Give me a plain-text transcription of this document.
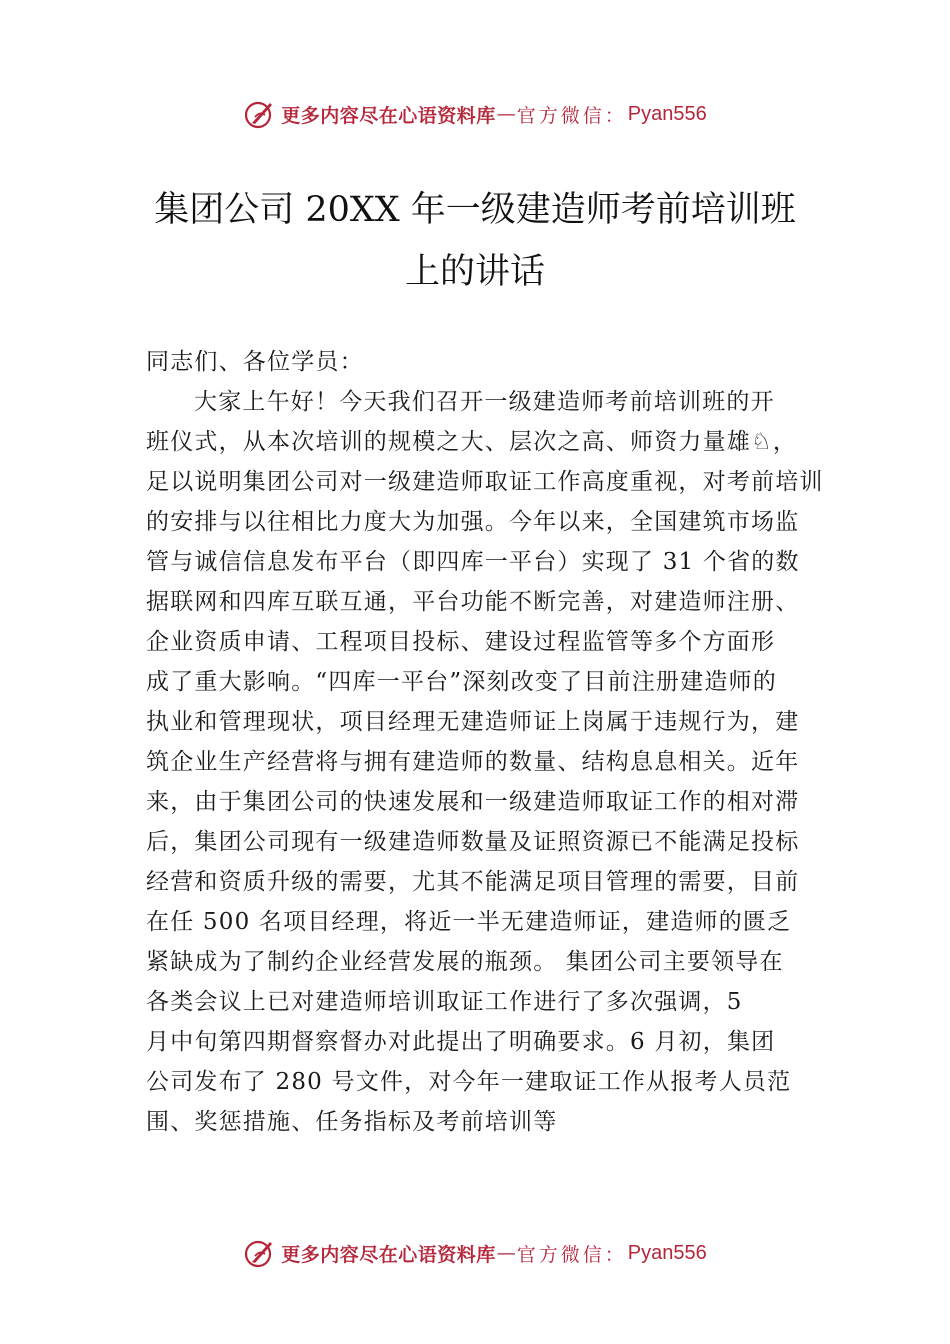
更多内容尽在心语资料库 — 官方微信 ： Pyan556
集团公司 20XX 年一级建造师考前培训班
上的讲话
同志们、各位学员：
大家上午好！今天我们召开一级建造师考前培训班的开
班仪式，从本次培训的规模之大、层次之高、师资力量雄♘，
足以说明集团公司对一级建造师取证工作高度重视，对考前培训
的安排与以往相比力度大为加强。今年以来，全国建筑市场监
管与诚信信息发布平台（即四库一平台）实现了 31 个省的数
据联网和四库互联互通，平台功能不断完善，对建造师注册、
企业资质申请、工程项目投标、建设过程监管等多个方面形
成了重大影响。“四库一平台”深刻改变了目前注册建造师的
执业和管理现状，项目经理无建造师证上岗属于违规行为，建
筑企业生产经营将与拥有建造师的数量、结构息息相关。近年
来，由于集团公司的快速发展和一级建造师取证工作的相对滞
后，集团公司现有一级建造师数量及证照资源已不能满足投标
经营和资质升级的需要，尤其不能满足项目管理的需要，目前
在任 500 名项目经理，将近一半无建造师证，建造师的匮乏
紧缺成为了制约企业经营发展的瓶颈。 集团公司主要领导在
各类会议上已对建造师培训取证工作进行了多次强调，5
月中旬第四期督察督办对此提出了明确要求。6 月初，集团
公司发布了 280 号文件，对今年一建取证工作从报考人员范
围、奖惩措施、任务指标及考前培训等
更多内容尽在心语资料库 — 官方微信 ： Pyan556
